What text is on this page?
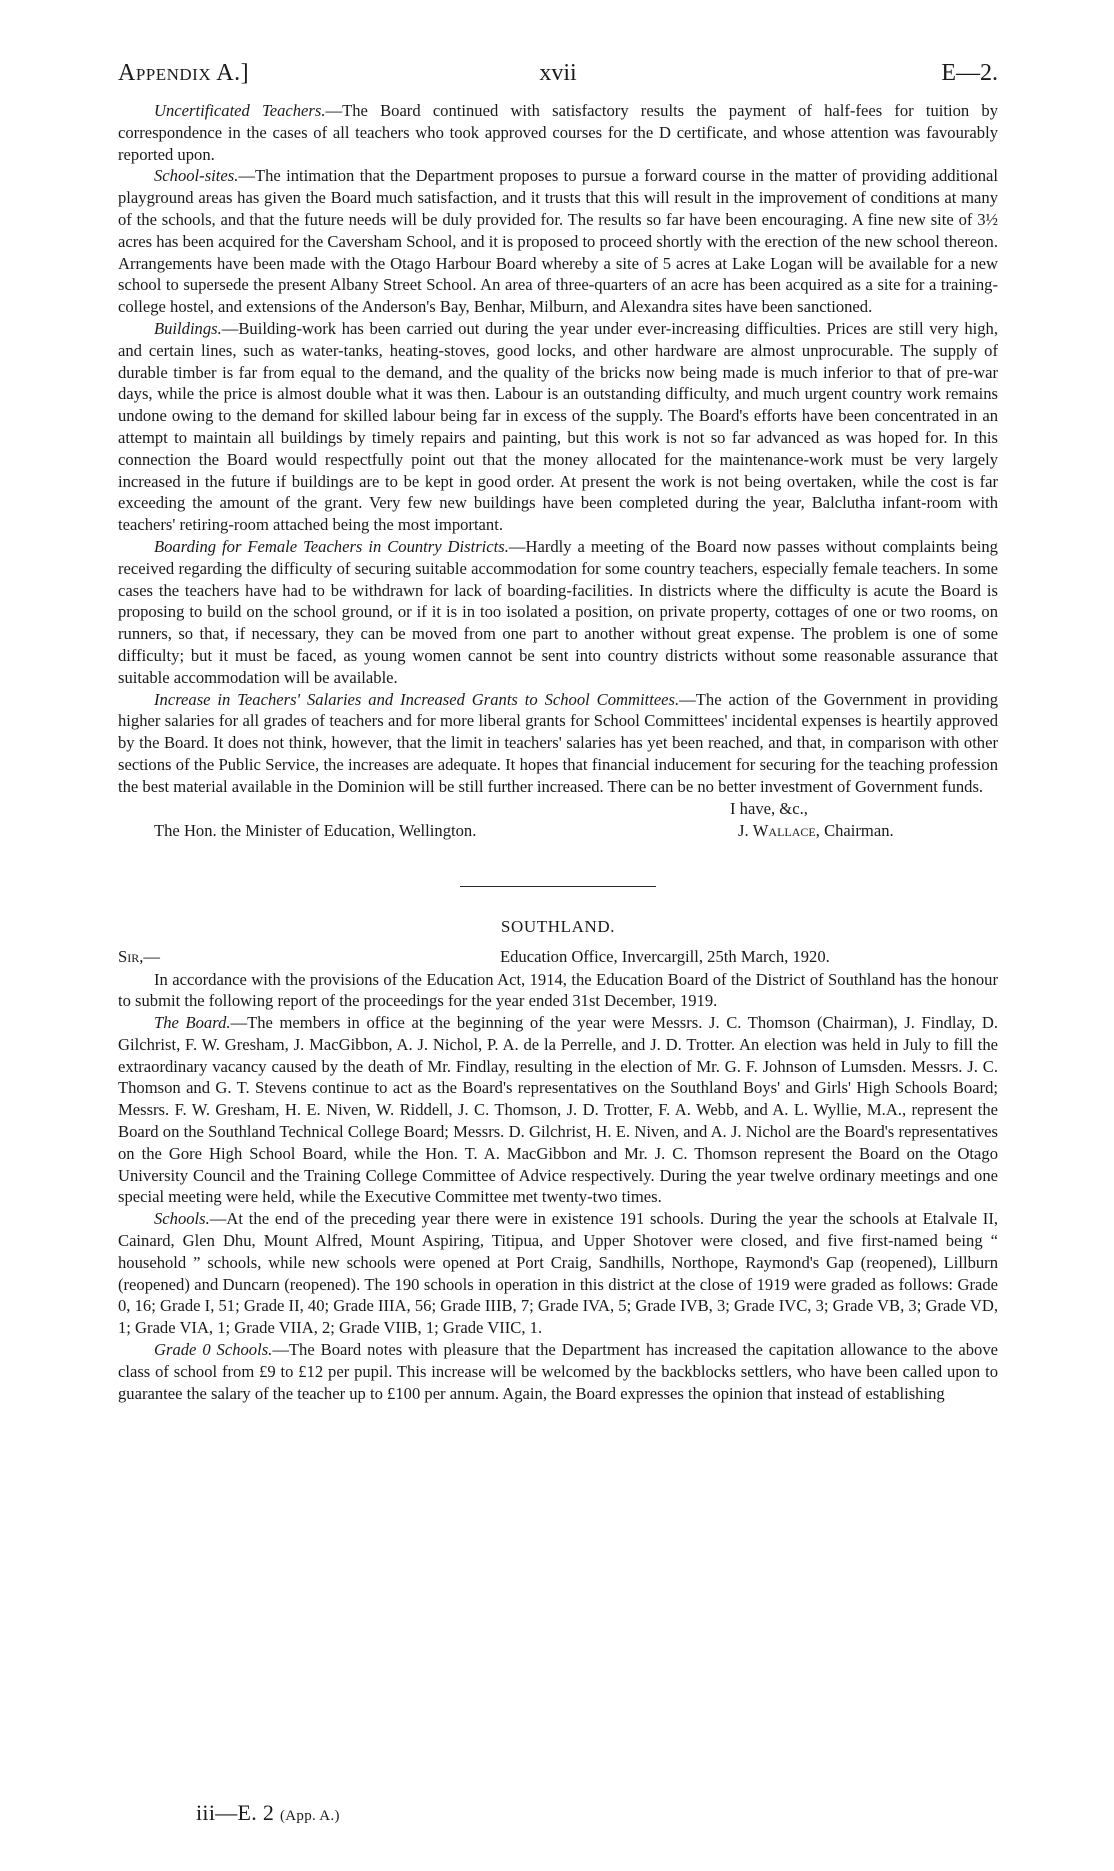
Appendix A.]	xvii	E—2.

Uncertificated Teachers.—The Board continued with satisfactory results the payment of half-fees for tuition by correspondence in the cases of all teachers who took approved courses for the D certificate, and whose attention was favourably reported upon.

School-sites.—The intimation that the Department proposes to pursue a forward course in the matter of providing additional playground areas has given the Board much satisfaction, and it trusts that this will result in the improvement of conditions at many of the schools, and that the future needs will be duly provided for. The results so far have been encouraging. A fine new site of 3½ acres has been acquired for the Caversham School, and it is proposed to proceed shortly with the erection of the new school thereon. Arrangements have been made with the Otago Harbour Board whereby a site of 5 acres at Lake Logan will be available for a new school to supersede the present Albany Street School. An area of three-quarters of an acre has been acquired as a site for a training-college hostel, and extensions of the Anderson's Bay, Benhar, Milburn, and Alexandra sites have been sanctioned.

Buildings.—Building-work has been carried out during the year under ever-increasing difficulties. Prices are still very high, and certain lines, such as water-tanks, heating-stoves, good locks, and other hardware are almost unprocurable. The supply of durable timber is far from equal to the demand, and the quality of the bricks now being made is much inferior to that of pre-war days, while the price is almost double what it was then. Labour is an outstanding difficulty, and much urgent country work remains undone owing to the demand for skilled labour being far in excess of the supply. The Board's efforts have been concentrated in an attempt to maintain all buildings by timely repairs and painting, but this work is not so far advanced as was hoped for. In this connection the Board would respectfully point out that the money allocated for the maintenance-work must be very largely increased in the future if buildings are to be kept in good order. At present the work is not being overtaken, while the cost is far exceeding the amount of the grant. Very few new buildings have been completed during the year, Balclutha infant-room with teachers' retiring-room attached being the most important.

Boarding for Female Teachers in Country Districts.—Hardly a meeting of the Board now passes without complaints being received regarding the difficulty of securing suitable accommodation for some country teachers, especially female teachers. In some cases the teachers have had to be withdrawn for lack of boarding-facilities. In districts where the difficulty is acute the Board is proposing to build on the school ground, or if it is in too isolated a position, on private property, cottages of one or two rooms, on runners, so that, if necessary, they can be moved from one part to another without great expense. The problem is one of some difficulty; but it must be faced, as young women cannot be sent into country districts without some reasonable assurance that suitable accommodation will be available.

Increase in Teachers' Salaries and Increased Grants to School Committees.—The action of the Government in providing higher salaries for all grades of teachers and for more liberal grants for School Committees' incidental expenses is heartily approved by the Board. It does not think, however, that the limit in teachers' salaries has yet been reached, and that, in comparison with other sections of the Public Service, the increases are adequate. It hopes that financial inducement for securing for the teaching profession the best material available in the Dominion will be still further increased. There can be no better investment of Government funds.

I have, &c.,
The Hon. the Minister of Education, Wellington.	J. Wallace, Chairman.
SOUTHLAND.
Sir,—	Education Office, Invercargill, 25th March, 1920.

In accordance with the provisions of the Education Act, 1914, the Education Board of the District of Southland has the honour to submit the following report of the proceedings for the year ended 31st December, 1919.

The Board.—The members in office at the beginning of the year were Messrs. J. C. Thomson (Chairman), J. Findlay, D. Gilchrist, F. W. Gresham, J. MacGibbon, A. J. Nichol, P. A. de la Perrelle, and J. D. Trotter. An election was held in July to fill the extraordinary vacancy caused by the death of Mr. Findlay, resulting in the election of Mr. G. F. Johnson of Lumsden. Messrs. J. C. Thomson and G. T. Stevens continue to act as the Board's representatives on the Southland Boys' and Girls' High Schools Board; Messrs. F. W. Gresham, H. E. Niven, W. Riddell, J. C. Thomson, J. D. Trotter, F. A. Webb, and A. L. Wyllie, M.A., represent the Board on the Southland Technical College Board; Messrs. D. Gilchrist, H. E. Niven, and A. J. Nichol are the Board's representatives on the Gore High School Board, while the Hon. T. A. MacGibbon and Mr. J. C. Thomson represent the Board on the Otago University Council and the Training College Committee of Advice respectively. During the year twelve ordinary meetings and one special meeting were held, while the Executive Committee met twenty-two times.

Schools.—At the end of the preceding year there were in existence 191 schools. During the year the schools at Etalvale II, Cainard, Glen Dhu, Mount Alfred, Mount Aspiring, Titipua, and Upper Shotover were closed, and five first-named being “ household ” schools, while new schools were opened at Port Craig, Sandhills, Northope, Raymond's Gap (reopened), Lillburn (reopened) and Duncarn (reopened). The 190 schools in operation in this district at the close of 1919 were graded as follows: Grade 0, 16; Grade I, 51; Grade II, 40; Grade IIIA, 56; Grade IIIB, 7; Grade IVA, 5; Grade IVB, 3; Grade IVC, 3; Grade VB, 3; Grade VD, 1; Grade VIA, 1; Grade VIIA, 2; Grade VIIB, 1; Grade VIIC, 1.

Grade 0 Schools.—The Board notes with pleasure that the Department has increased the capitation allowance to the above class of school from £9 to £12 per pupil. This increase will be welcomed by the backblocks settlers, who have been called upon to guarantee the salary of the teacher up to £100 per annum. Again, the Board expresses the opinion that instead of establishing

iii—E. 2 (App. A.)
